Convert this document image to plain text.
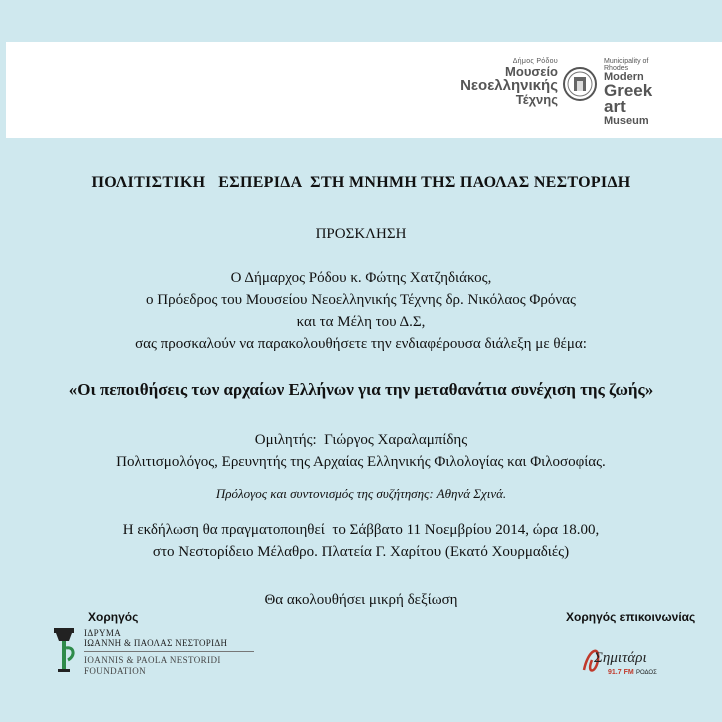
Δήμος Ρόδου
Μουσείο
Νεοελληνικής
Τέχνης
Municipality of Rhodes
Modern
Greek art
Museum
ΠΟΛΙΤΙΣΤΙΚΗ   ΕΣΠΕΡΙΔΑ  ΣΤΗ ΜΝΗΜΗ ΤΗΣ ΠΑΟΛΑΣ ΝΕΣΤΟΡΙΔΗ
ΠΡΟΣΚΛΗΣΗ
Ο Δήμαρχος Ρόδου κ. Φώτης Χατζηδιάκος,
ο Πρόεδρος του Μουσείου Νεοελληνικής Τέχνης δρ. Νικόλαος Φρόνας
και τα Μέλη του Δ.Σ,
σας προσκαλούν να παρακολουθήσετε την ενδιαφέρουσα διάλεξη με θέμα:
«Οι πεποιθήσεις των αρχαίων Ελλήνων για την μεταθανάτια συνέχιση της ζωής»
Ομιλητής:  Γιώργος Χαραλαμπίδης
Πολιτισμολόγος, Ερευνητής της Αρχαίας Ελληνικής Φιλολογίας και Φιλοσοφίας.
Πρόλογος και συντονισμός της συζήτησης: Αθηνά Σχινά.
Η εκδήλωση θα πραγματοποιηθεί  το Σάββατο 11 Νοεμβρίου 2014, ώρα 18.00,
στο Νεστορίδειο Μέλαθρο. Πλατεία Γ. Χαρίτου (Εκατό Χουρμαδιές)
Θα ακολουθήσει μικρή δεξίωση
Χορηγός	Χορηγός επικοινωνίας
ΙΔΡΥΜΑ
ΙΩΑΝΝΗ & ΠΑΟΛΑΣ ΝΕΣΤΟΡΙΔΗ
IOANNIS & PAOLA NESTORIDI
FOUNDATION
Σημιτάρι
91.7 FM ΡΟΔΟΣ
